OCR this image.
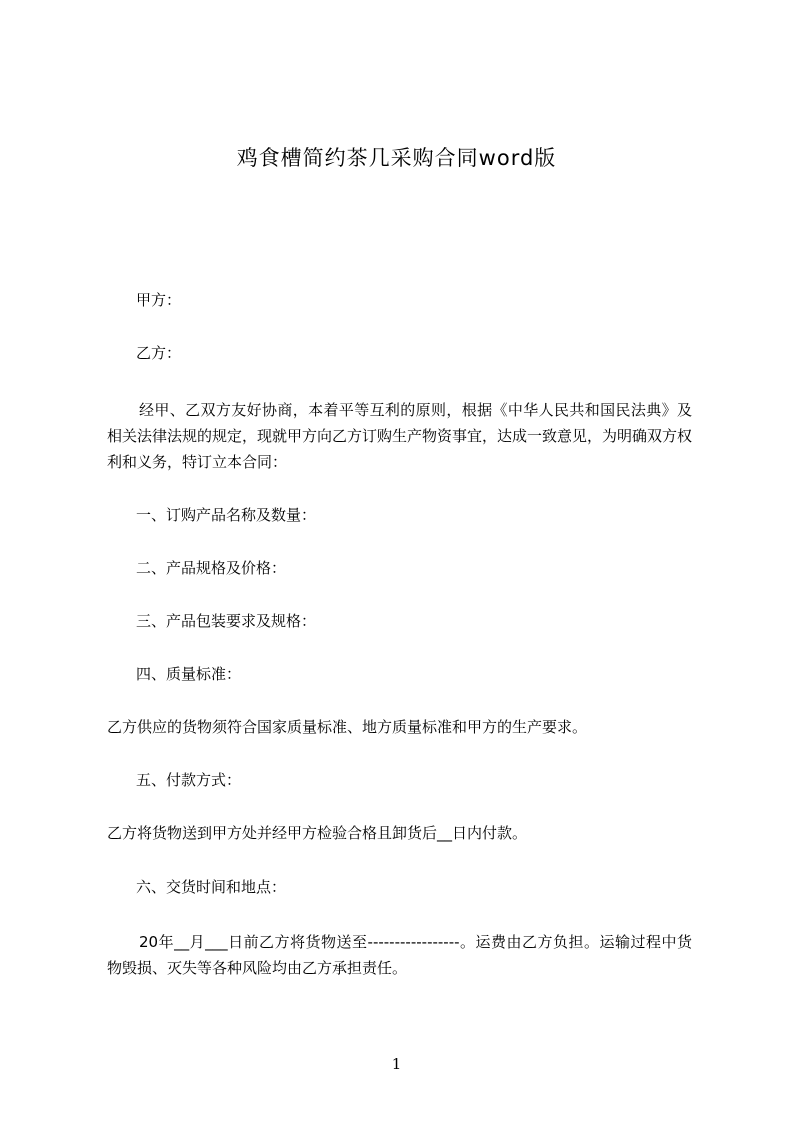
鸡食槽简约茶几采购合同word版
甲方：
乙方：
经甲、乙双方友好协商，本着平等互利的原则，根据《中华人民共和国民法典》及相关法律法规的规定，现就甲方向乙方订购生产物资事宜，达成一致意见，为明确双方权利和义务，特订立本合同：
一、订购产品名称及数量：
二、产品规格及价格：
三、产品包装要求及规格：
四、质量标准：
乙方供应的货物须符合国家质量标准、地方质量标准和甲方的生产要求。
五、付款方式：
乙方将货物送到甲方处并经甲方检验合格且卸货后__日内付款。
六、交货时间和地点：
20年__月___日前乙方将货物送至-----------------。运费由乙方负担。运输过程中货物毁损、灭失等各种风险均由乙方承担责任。
1
